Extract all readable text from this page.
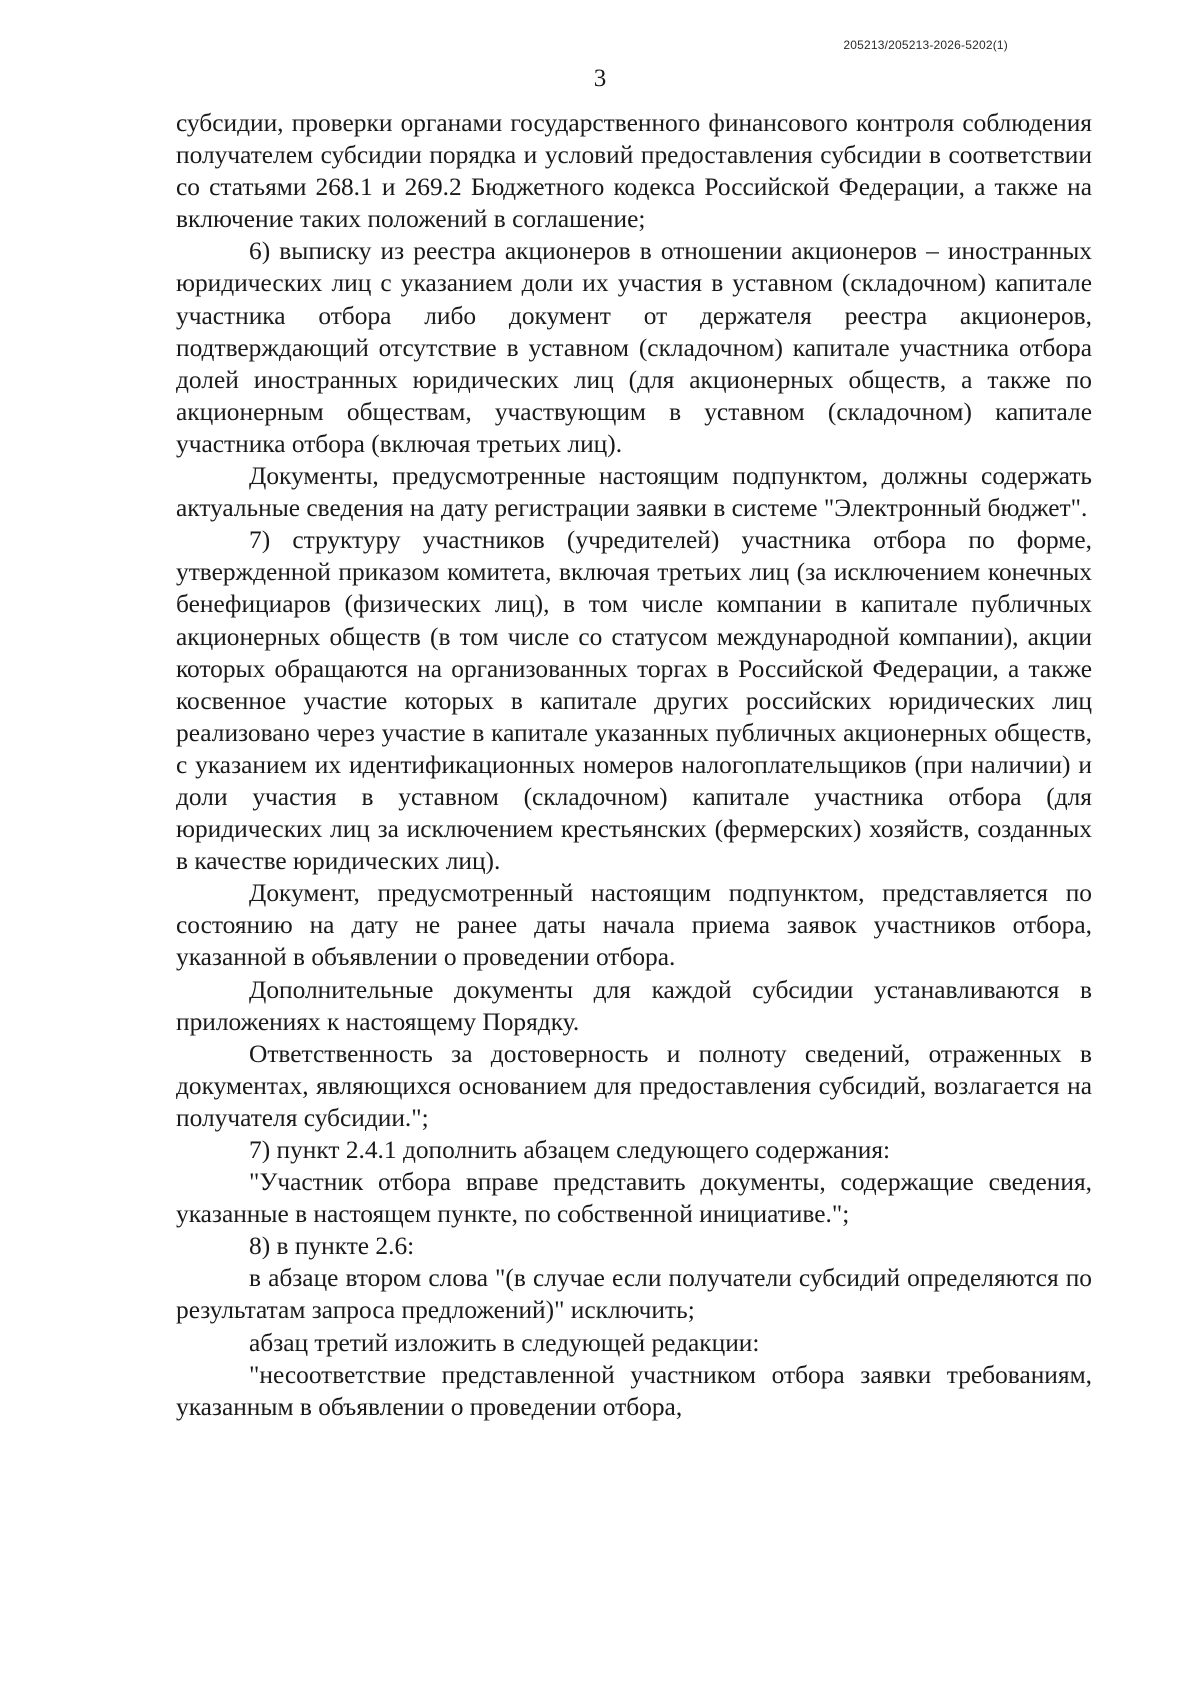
205213/205213-2026-5202(1)
3

субсидии, проверки органами государственного финансового контроля соблюдения получателем субсидии порядка и условий предоставления субсидии в соответствии со статьями 268.1 и 269.2 Бюджетного кодекса Российской Федерации, а также на включение таких положений в соглашение;

6) выписку из реестра акционеров в отношении акционеров – иностранных юридических лиц с указанием доли их участия в уставном (складочном) капитале участника отбора либо документ от держателя реестра акционеров, подтверждающий отсутствие в уставном (складочном) капитале участника отбора долей иностранных юридических лиц (для акционерных обществ, а также по акционерным обществам, участвующим в уставном (складочном) капитале участника отбора (включая третьих лиц).

Документы, предусмотренные настоящим подпунктом, должны содержать актуальные сведения на дату регистрации заявки в системе "Электронный бюджет".

7) структуру участников (учредителей) участника отбора по форме, утвержденной приказом комитета, включая третьих лиц (за исключением конечных бенефициаров (физических лиц), в том числе компании в капитале публичных акционерных обществ (в том числе со статусом международной компании), акции которых обращаются на организованных торгах в Российской Федерации, а также косвенное участие которых в капитале других российских юридических лиц реализовано через участие в капитале указанных публичных акционерных обществ, с указанием их идентификационных номеров налогоплательщиков (при наличии) и доли участия в уставном (складочном) капитале участника отбора (для юридических лиц за исключением крестьянских (фермерских) хозяйств, созданных в качестве юридических лиц).

Документ, предусмотренный настоящим подпунктом, представляется по состоянию на дату не ранее даты начала приема заявок участников отбора, указанной в объявлении о проведении отбора.

Дополнительные документы для каждой субсидии устанавливаются в приложениях к настоящему Порядку.

Ответственность за достоверность и полноту сведений, отраженных в документах, являющихся основанием для предоставления субсидий, возлагается на получателя субсидии.";

7) пункт 2.4.1 дополнить абзацем следующего содержания:

"Участник отбора вправе представить документы, содержащие сведения, указанные в настоящем пункте, по собственной инициативе.";

8) в пункте 2.6:

в абзаце втором слова "(в случае если получатели субсидий определяются по результатам запроса предложений)" исключить;

абзац третий изложить в следующей редакции:

"несоответствие представленной участником отбора заявки требованиям, указанным в объявлении о проведении отбора,
